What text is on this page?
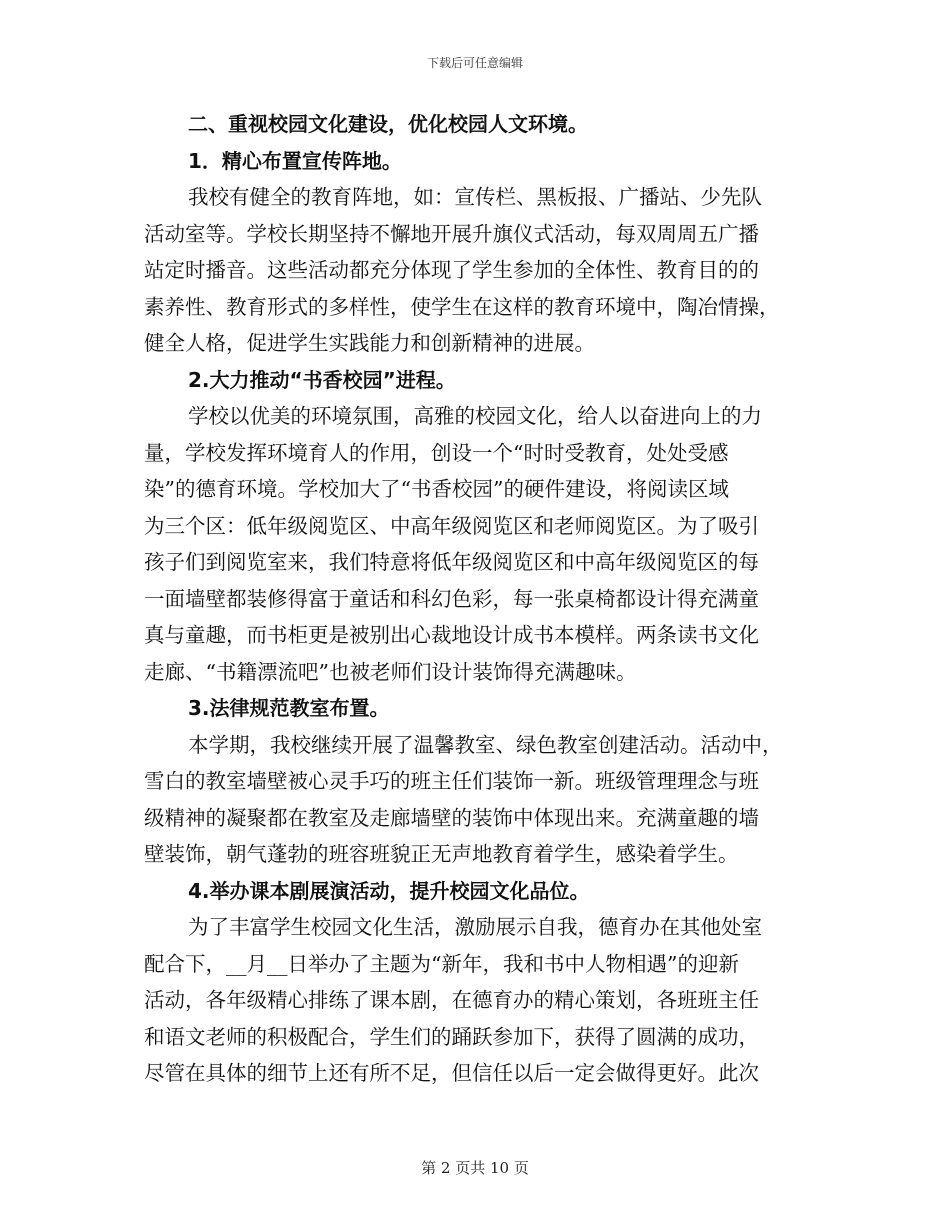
下载后可任意编辑
二、重视校园文化建设，优化校园人文环境。
1．精心布置宣传阵地。
我校有健全的教育阵地，如：宣传栏、黑板报、广播站、少先队
活动室等。学校长期坚持不懈地开展升旗仪式活动，每双周周五广播
站定时播音。这些活动都充分体现了学生参加的全体性、教育目的的
素养性、教育形式的多样性，使学生在这样的教育环境中，陶冶情操，
健全人格，促进学生实践能力和创新精神的进展。
2.大力推动“书香校园”进程。
学校以优美的环境氛围，高雅的校园文化，给人以奋进向上的力
量，学校发挥环境育人的作用，创设一个“时时受教育，处处受感
染”的德育环境。学校加大了“书香校园”的硬件建设，将阅读区域
为三个区：低年级阅览区、中高年级阅览区和老师阅览区。为了吸引
孩子们到阅览室来，我们特意将低年级阅览区和中高年级阅览区的每
一面墙壁都装修得富于童话和科幻色彩，每一张桌椅都设计得充满童
真与童趣，而书柜更是被别出心裁地设计成书本模样。两条读书文化
走廊、“书籍漂流吧”也被老师们设计装饰得充满趣味。
3.法律规范教室布置。
本学期，我校继续开展了温馨教室、绿色教室创建活动。活动中，
雪白的教室墙壁被心灵手巧的班主任们装饰一新。班级管理理念与班
级精神的凝聚都在教室及走廊墙壁的装饰中体现出来。充满童趣的墙
壁装饰，朝气蓬勃的班容班貌正无声地教育着学生，感染着学生。
4.举办课本剧展演活动，提升校园文化品位。
为了丰富学生校园文化生活，激励展示自我，德育办在其他处室
配合下，__月__日举办了主题为“新年，我和书中人物相遇”的迎新
活动，各年级精心排练了课本剧，在德育办的精心策划，各班班主任
和语文老师的积极配合，学生们的踊跃参加下，获得了圆满的成功，
尽管在具体的细节上还有所不足，但信任以后一定会做得更好。此次
第 2 页共 10 页
